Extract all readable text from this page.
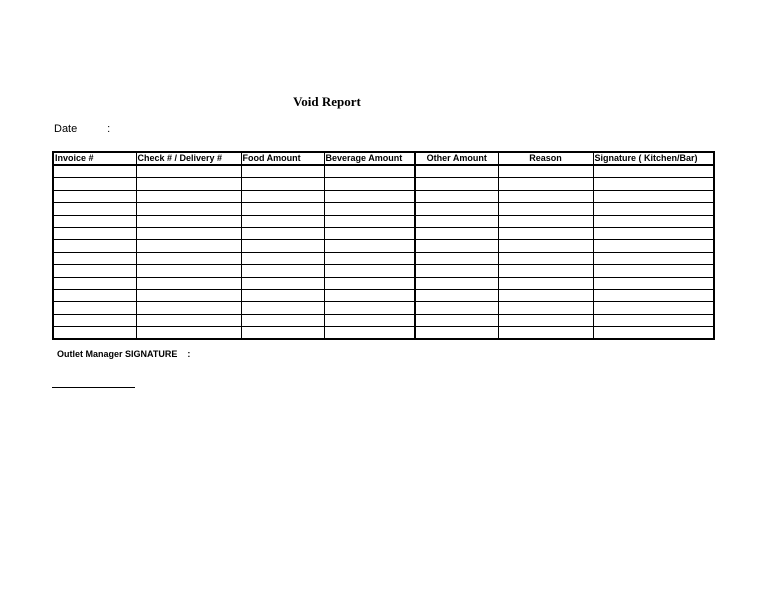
Void Report
Date	:
Invoice #	Check # / Delivery #	Food Amount	Beverage Amount	Other Amount	Reason	Signature ( Kitchen/Bar)

Outlet Manager SIGNATURE :
